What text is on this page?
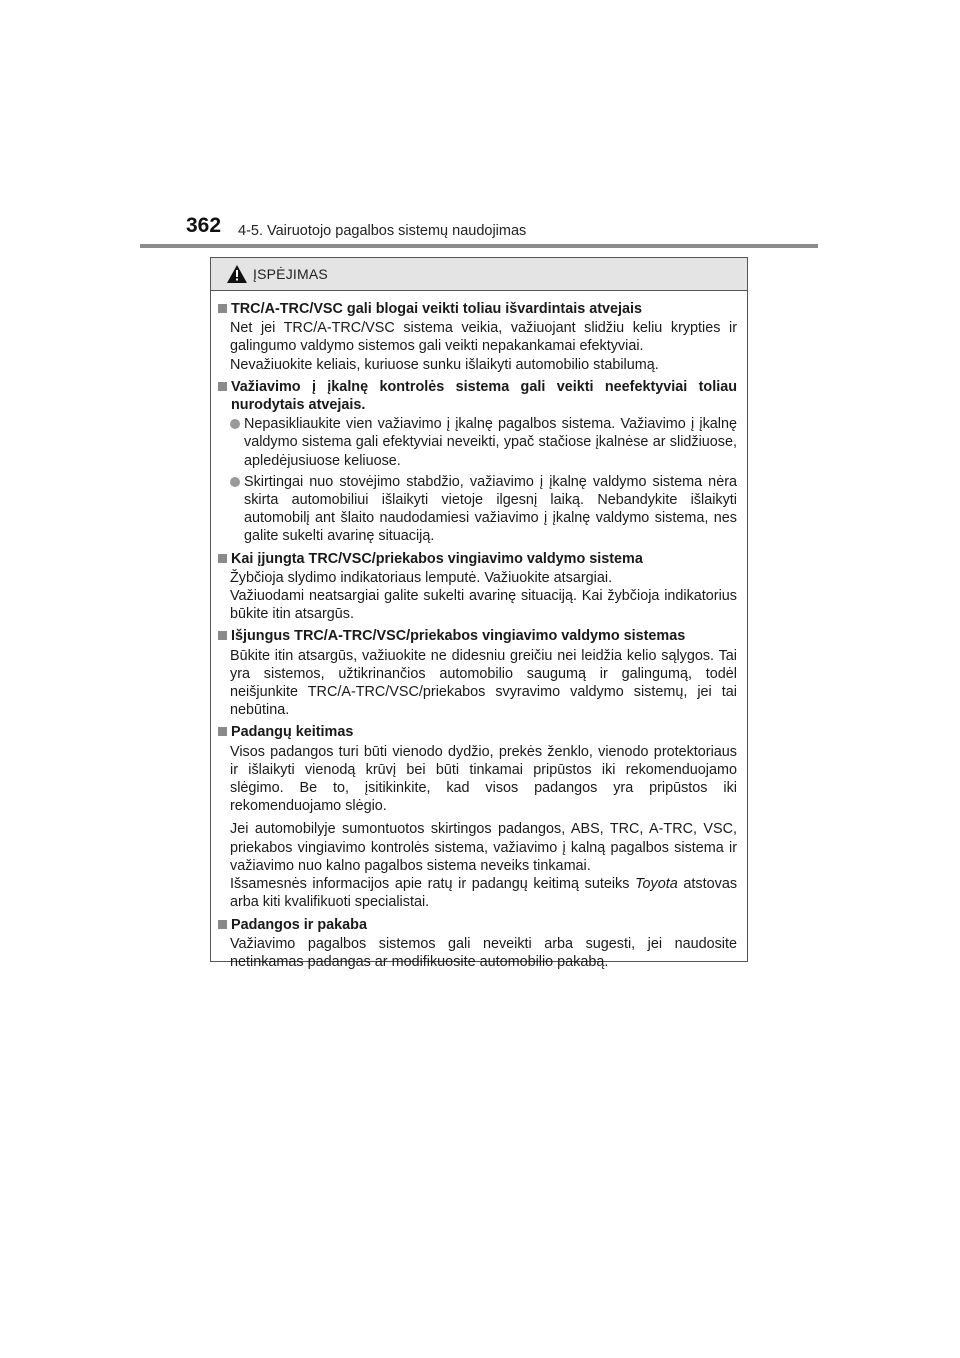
362 4-5. Vairuotojo pagalbos sistemų naudojimas
ĮSPĖJIMAS
TRC/A-TRC/VSC gali blogai veikti toliau išvardintais atvejais
Net jei TRC/A-TRC/VSC sistema veikia, važiuojant slidžiu keliu krypties ir galingumo valdymo sistemos gali veikti nepakankamai efektyviai.
Nevažiuokite keliais, kuriuose sunku išlaikyti automobilio stabilumą.
Važiavimo į įkalnę kontrolės sistema gali veikti neefektyviai toliau nurodytais atvejais.
Nepasikliaukite vien važiavimo į įkalnę pagalbos sistema. Važiavimo į įkalnę valdymo sistema gali efektyviai neveikti, ypač stačiose įkalnėse ar slidžiuose, apledėjusiuose keliuose.
Skirtingai nuo stovėjimo stabdžio, važiavimo į įkalnę valdymo sistema nėra skirta automobiliui išlaikyti vietoje ilgesnį laiką. Nebandykite išlaikyti automobilį ant šlaito naudodamiesi važiavimo į įkalnę valdymo sistema, nes galite sukelti avarinę situaciją.
Kai įjungta TRC/VSC/priekabos vingiavimo valdymo sistema
Žybčioja slydimo indikatoriaus lemputė. Važiuokite atsargiai.
Važiuodami neatsargiai galite sukelti avarinę situaciją. Kai žybčioja indikatorius būkite itin atsargūs.
Išjungus TRC/A-TRC/VSC/priekabos vingiavimo valdymo sistemas
Būkite itin atsargūs, važiuokite ne didesniu greičiu nei leidžia kelio sąlygos. Tai yra sistemos, užtikrinančios automobilio saugumą ir galingumą, todėl neišjunkite TRC/A-TRC/VSC/priekabos svyravimo valdymo sistemų, jei tai nebūtina.
Padangų keitimas
Visos padangos turi būti vienodo dydžio, prekės ženklo, vienodo protektoriaus ir išlaikyti vienodą krūvį bei būti tinkamai pripūstos iki rekomenduojamo slėgimo. Be to, įsitikinkite, kad visos padangos yra pripūstos iki rekomenduojamo slėgio.
Jei automobilyje sumontuotos skirtingos padangos, ABS, TRC, A-TRC, VSC, priekabos vingiavimo kontrolės sistema, važiavimo į kalną pagalbos sistema ir važiavimo nuo kalno pagalbos sistema neveiks tinkamai.
Išsamesnės informacijos apie ratų ir padangų keitimą suteiks Toyota atstovas arba kiti kvalifikuoti specialistai.
Padangos ir pakaba
Važiavimo pagalbos sistemos gali neveikti arba sugesti, jei naudosite netinkamas padangas ar modifikuosite automobilio pakabą.
